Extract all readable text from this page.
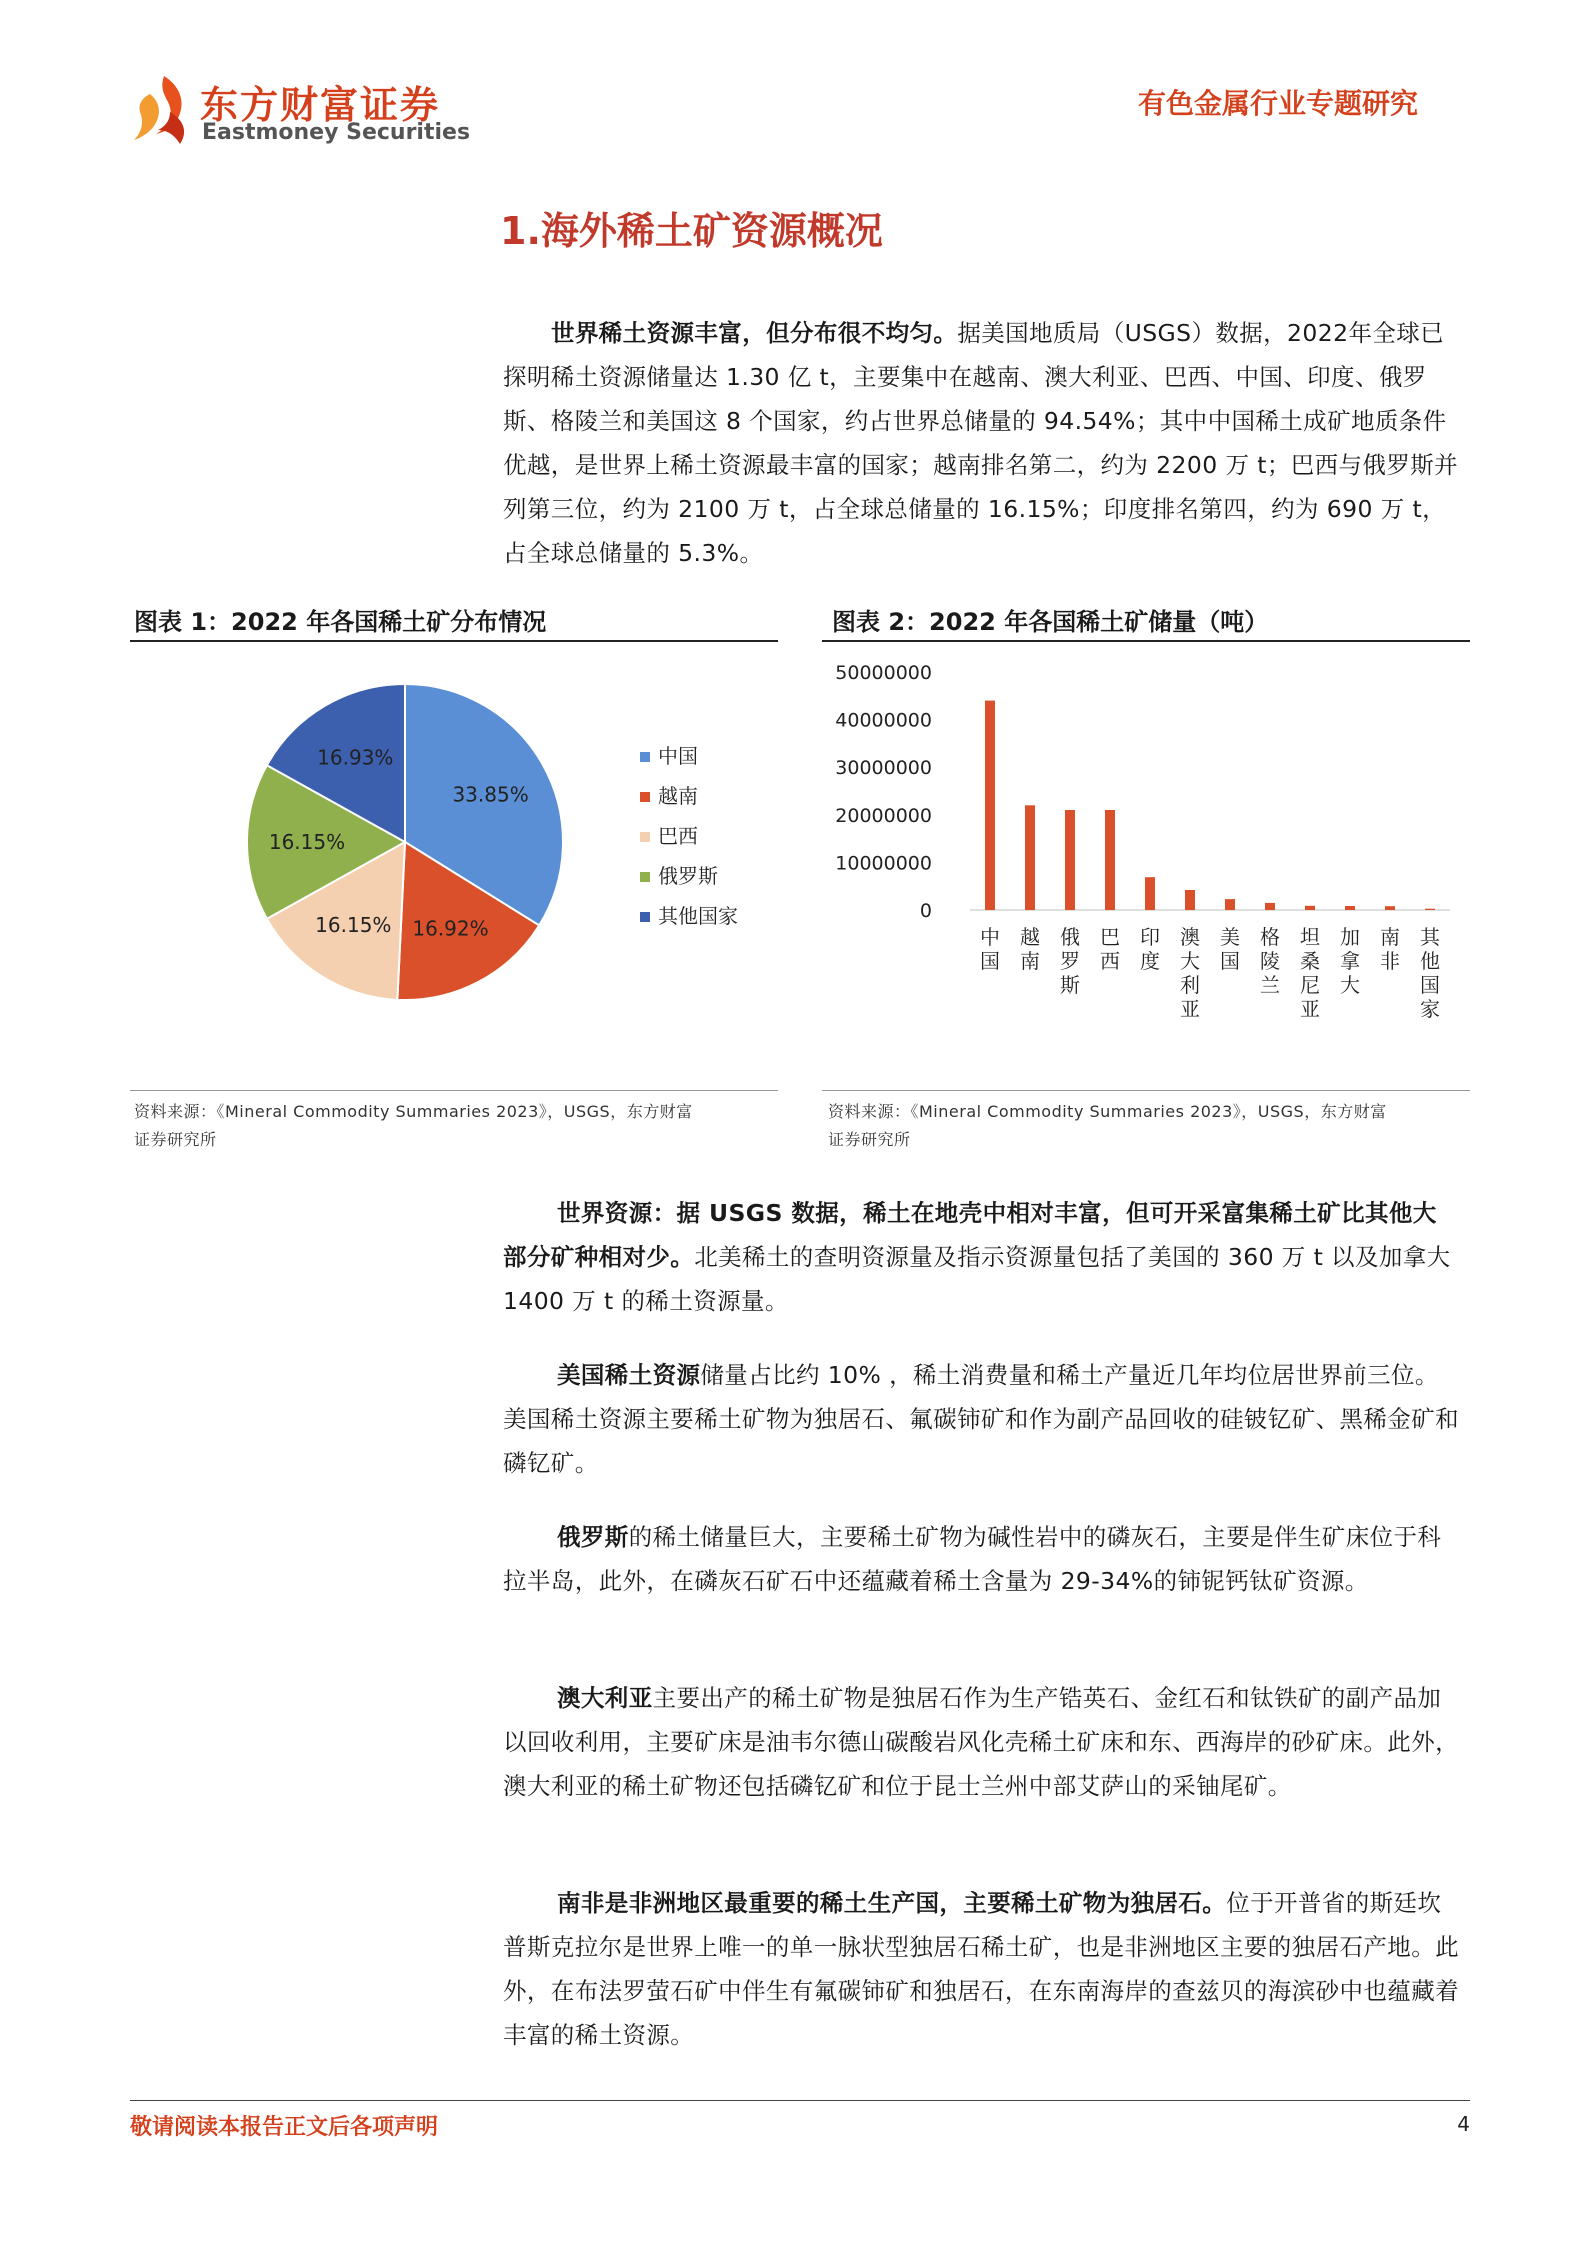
东方财富证券
Eastmoney Securities
有色金属行业专题研究
1.海外稀土矿资源概况

世界稀土资源丰富，但分布很不均匀。据美国地质局（USGS）数据，2022年全球已探明稀土资源储量达 1.30 亿 t，主要集中在越南、澳大利亚、巴西、中国、印度、俄罗斯、格陵兰和美国这 8 个国家，约占世界总储量的 94.54%；其中中国稀土成矿地质条件优越，是世界上稀土资源最丰富的国家；越南排名第二，约为 2200 万 t；巴西与俄罗斯并列第三位，约为 2100 万 t，占全球总储量的 16.15%；印度排名第四，约为 690 万 t，占全球总储量的 5.3%。

图表 1：2022 年各国稀土矿分布情况
33.85%
16.92%
16.15%
16.15%
16.93%	中国
越南
巴西
俄罗斯
其他国家
资料来源：《Mineral Commodity Summaries 2023》，USGS，东方财富
证券研究所
图表 2：2022 年各国稀土矿储量（吨）
0
10000000
20000000
30000000
40000000
50000000
中国
越南
俄罗斯
巴西
印度
澳大利亚
美国
格陵兰
坦桑尼亚
加拿大
南非
其他国家
资料来源：《Mineral Commodity Summaries 2023》，USGS，东方财富
证券研究所

世界资源：据 USGS 数据，稀土在地壳中相对丰富，但可开采富集稀土矿比其他大部分矿种相对少。北美稀土的查明资源量及指示资源量包括了美国的 360 万 t 以及加拿大 1400 万 t 的稀土资源量。

美国稀土资源储量占比约 10% ，稀土消费量和稀土产量近几年均位居世界前三位。美国稀土资源主要稀土矿物为独居石、氟碳铈矿和作为副产品回收的硅铍钇矿、黑稀金矿和磷钇矿。

俄罗斯的稀土储量巨大，主要稀土矿物为碱性岩中的磷灰石，主要是伴生矿床位于科拉半岛，此外，在磷灰石矿石中还蕴藏着稀土含量为 29-34%的铈铌钙钛矿资源。

澳大利亚主要出产的稀土矿物是独居石作为生产锆英石、金红石和钛铁矿的副产品加以回收利用，主要矿床是油韦尔德山碳酸岩风化壳稀土矿床和东、西海岸的砂矿床。此外，澳大利亚的稀土矿物还包括磷钇矿和位于昆士兰州中部艾萨山的采铀尾矿。

南非是非洲地区最重要的稀土生产国，主要稀土矿物为独居石。位于开普省的斯廷坎普斯克拉尔是世界上唯一的单一脉状型独居石稀土矿，也是非洲地区主要的独居石产地。此外，在布法罗萤石矿中伴生有氟碳铈矿和独居石，在东南海岸的查兹贝的海滨砂中也蕴藏着丰富的稀土资源。

敬请阅读本报告正文后各项声明	4
